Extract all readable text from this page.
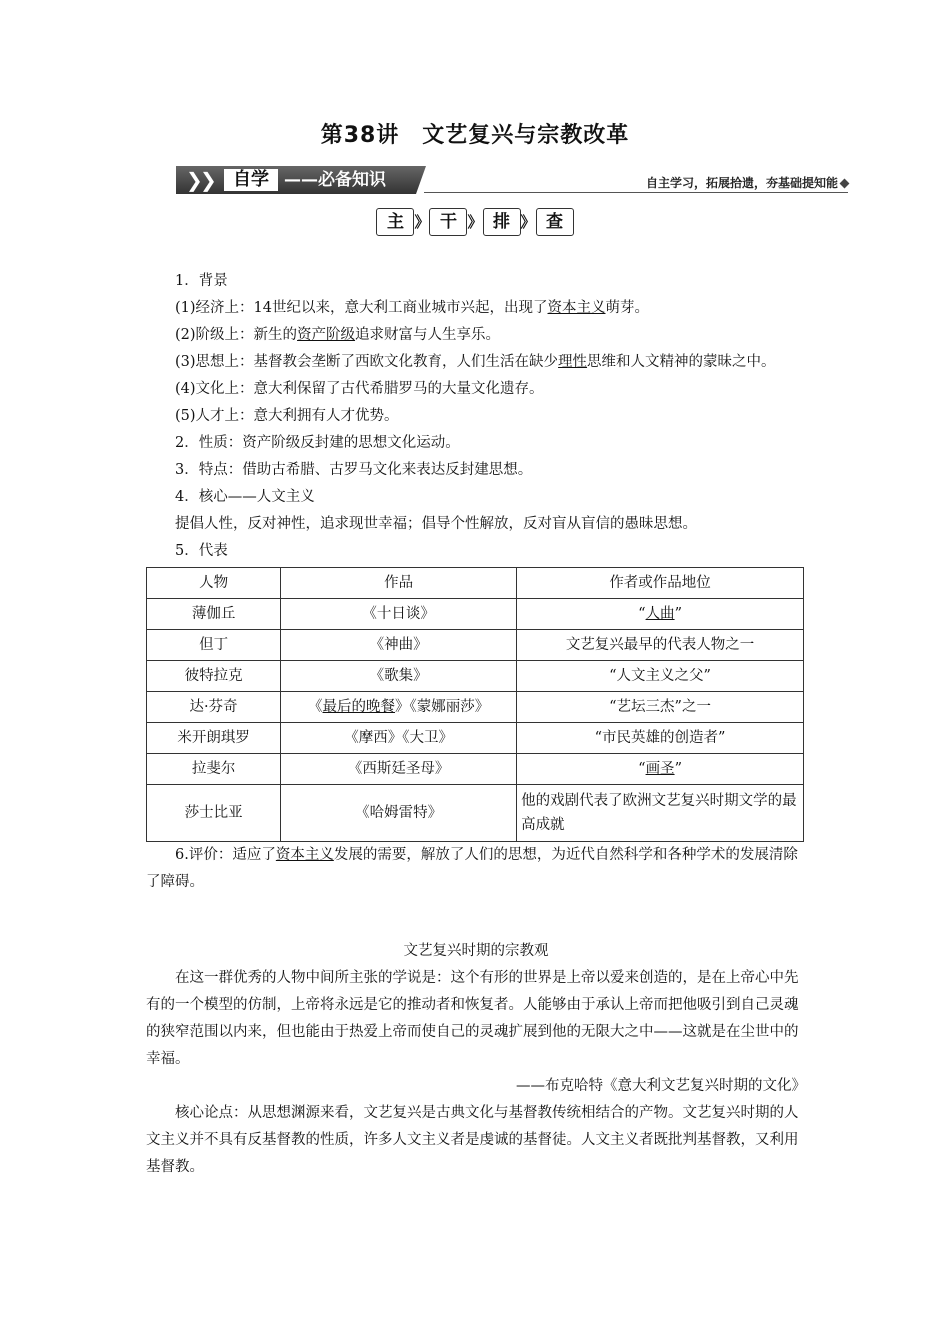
第38讲　文艺复兴与宗教改革
❯
❯ 自学 ——必备知识	自主学习，拓展拾遗，夯基础提知能
主 》 干 》 排 》 查

1．背景

(1)经济上：14世纪以来，意大利工商业城市兴起，出现了资本主义萌芽。

(2)阶级上：新生的资产阶级追求财富与人生享乐。

(3)思想上：基督教会垄断了西欧文化教育，人们生活在缺少理性思维和人文精神的蒙昧之中。

(4)文化上：意大利保留了古代希腊罗马的大量文化遗存。

(5)人才上：意大利拥有人才优势。

2．性质：资产阶级反封建的思想文化运动。

3．特点：借助古希腊、古罗马文化来表达反封建思想。

4．核心——人文主义

提倡人性，反对神性，追求现世幸福；倡导个性解放，反对盲从盲信的愚昧思想。

5．代表

人物	作品	作者或作品地位
薄伽丘	《十日谈》	“人曲”
但丁	《神曲》	文艺复兴最早的代表人物之一
彼特拉克	《歌集》	“人文主义之父”
达·芬奇	《最后的晚餐》《蒙娜丽莎》	“艺坛三杰”之一
米开朗琪罗	《摩西》《大卫》	“市民英雄的创造者”
拉斐尔	《西斯廷圣母》	“画圣”
莎士比亚	《哈姆雷特》	他的戏剧代表了欧洲文艺复兴时期文学的最高成就

6.评价：适应了资本主义发展的需要，解放了人们的思想，为近代自然科学和各种学术的发展清除了障碍。

文艺复兴时期的宗教观

在这一群优秀的人物中间所主张的学说是：这个有形的世界是上帝以爱来创造的，是在上帝心中先有的一个模型的仿制，上帝将永远是它的推动者和恢复者。人能够由于承认上帝而把他吸引到自己灵魂的狭窄范围以内来，但也能由于热爱上帝而使自己的灵魂扩展到他的无限大之中——这就是在尘世中的幸福。

——布克哈特《意大利文艺复兴时期的文化》

核心论点：从思想渊源来看，文艺复兴是古典文化与基督教传统相结合的产物。文艺复兴时期的人文主义并不具有反基督教的性质，许多人文主义者是虔诚的基督徒。人文主义者既批判基督教，又利用基督教。
